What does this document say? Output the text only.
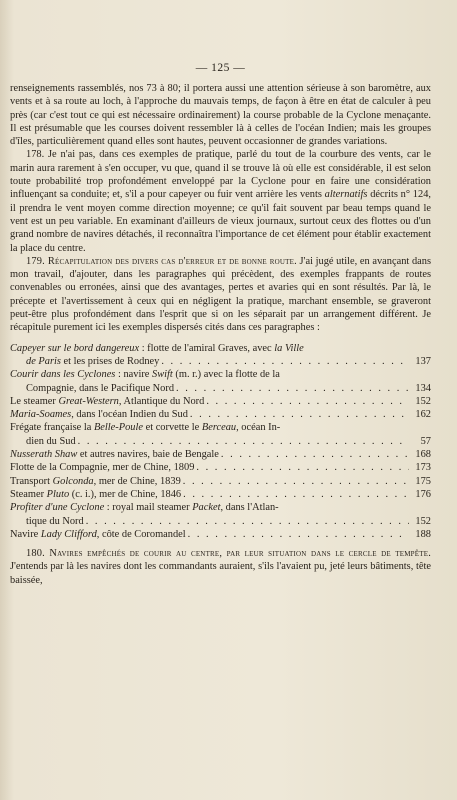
— 125 —

renseignements rassemblés, nos 73 à 80; il portera aussi une attention sérieuse à son baromètre, aux vents et à sa route au loch, à l'approche du mauvais temps, de façon à être en état de calculer à peu près (car c'est tout ce qui est nécessaire ordinairement) la course probable de la Cyclone menaçante. Il est présumable que les courses doivent ressembler là à celles de l'océan Indien; mais les groupes d'îles, particulièrement quand elles sont hautes, peuvent occasionner de grandes variations.

178. Je n'ai pas, dans ces exemples de pratique, parlé du tout de la courbure des vents, car le marin aura rarement à s'en occuper, vu que, quand il se trouve là où elle est considérable, il est selon toute probabilité trop profondément enveloppé par la Cyclone pour en faire une considération influençant sa conduite; et, s'il a pour capeyer ou fuir vent arrière les vents alternatifs décrits n° 124, il prendra le vent moyen comme direction moyenne; ce qu'il fait souvent par beau temps quand le vent est un peu variable. En examinant d'ailleurs de vieux journaux, surtout ceux des flottes ou d'un grand nombre de navires détachés, il reconnaîtra l'importance de cet élément pour établir exactement la place du centre.

179. Récapitulation des divers cas d'erreur et de bonne route. J'ai jugé utile, en avançant dans mon travail, d'ajouter, dans les paragraphes qui précèdent, des exemples frappants de routes convenables ou erronées, ainsi que des avantages, pertes et avaries qui en sont résultés. Par là, le précepte et l'avertissement à ceux qui en négligent la pratique, marchant ensemble, se graveront peut-être plus profondément dans l'esprit que si on les séparait par un arrangement différent. Je récapitule purement ici les exemples dispersés cités dans ces paragraphes :

Capeyer sur le bord dangereux : flotte de l'amiral Graves, avec la Ville
de Paris et les prises de Rodney . . .	137
Courir dans les Cyclones : navire Swift (m. r.) avec la flotte de la
Compagnie, dans le Pacifique Nord . . .	134
Le steamer Great-Western, Atlantique du Nord . . .	152
Maria-Soames, dans l'océan Indien du Sud . . .	162
Frégate française la Belle-Poule et corvette le Berceau, océan In-
dien du Sud . . .	57
Nusserath Shaw et autres navires, baie de Bengale . . .	168
Flotte de la Compagnie, mer de Chine, 1809 . . .	173
Transport Golconda, mer de Chine, 1839 . . .	175
Steamer Pluto (c. i.), mer de Chine, 1846 . . .	176
Profiter d'une Cyclone : royal mail steamer Packet, dans l'Atlan-
tique du Nord . . .	152
Navire Lady Clifford, côte de Coromandel . . .	188

180. Navires empêchés de courir au centre, par leur situation dans le cercle de tempête. J'entends par là les navires dont les commandants auraient, s'ils l'avaient pu, jeté leurs bâtiments, tête baissée,
